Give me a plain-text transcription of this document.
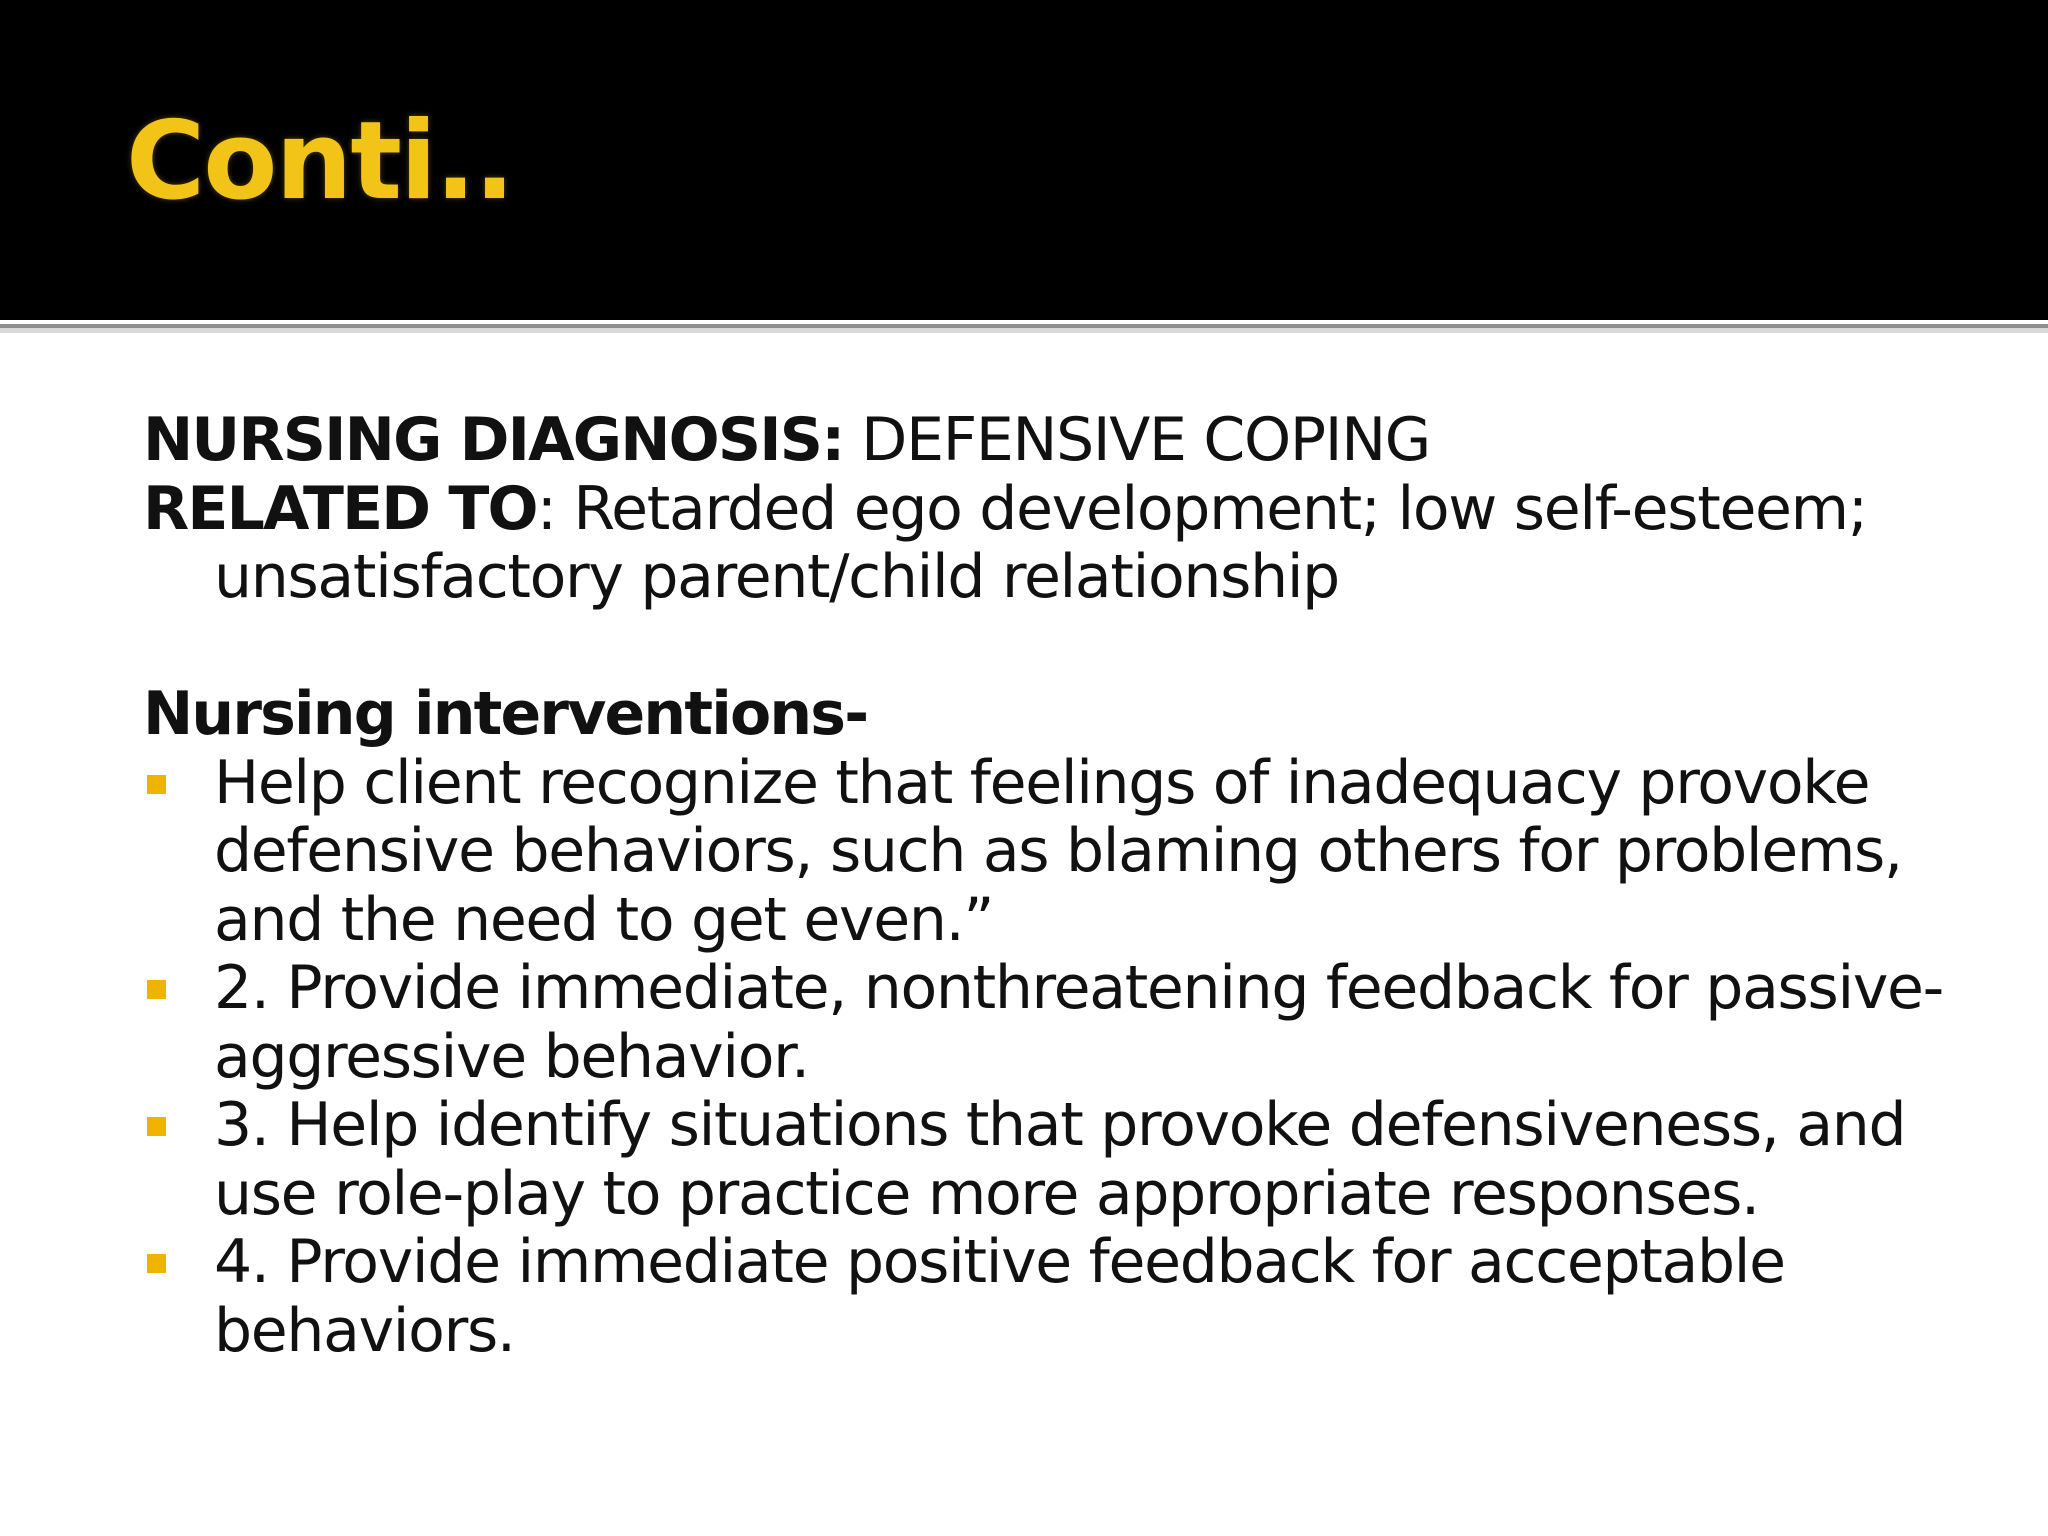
Conti..

NURSING DIAGNOSIS: DEFENSIVE COPING

RELATED TO: Retarded ego development; low self-esteem; unsatisfactory parent/child relationship

Nursing interventions-

Help client recognize that feelings of inadequacy provoke defensive behaviors, such as blaming others for problems, and the need to get even.”
2. Provide immediate, nonthreatening feedback for passive-aggressive behavior.
3. Help identify situations that provoke defensiveness, and use role-play to practice more appropriate responses.
4. Provide immediate positive feedback for acceptable behaviors.
